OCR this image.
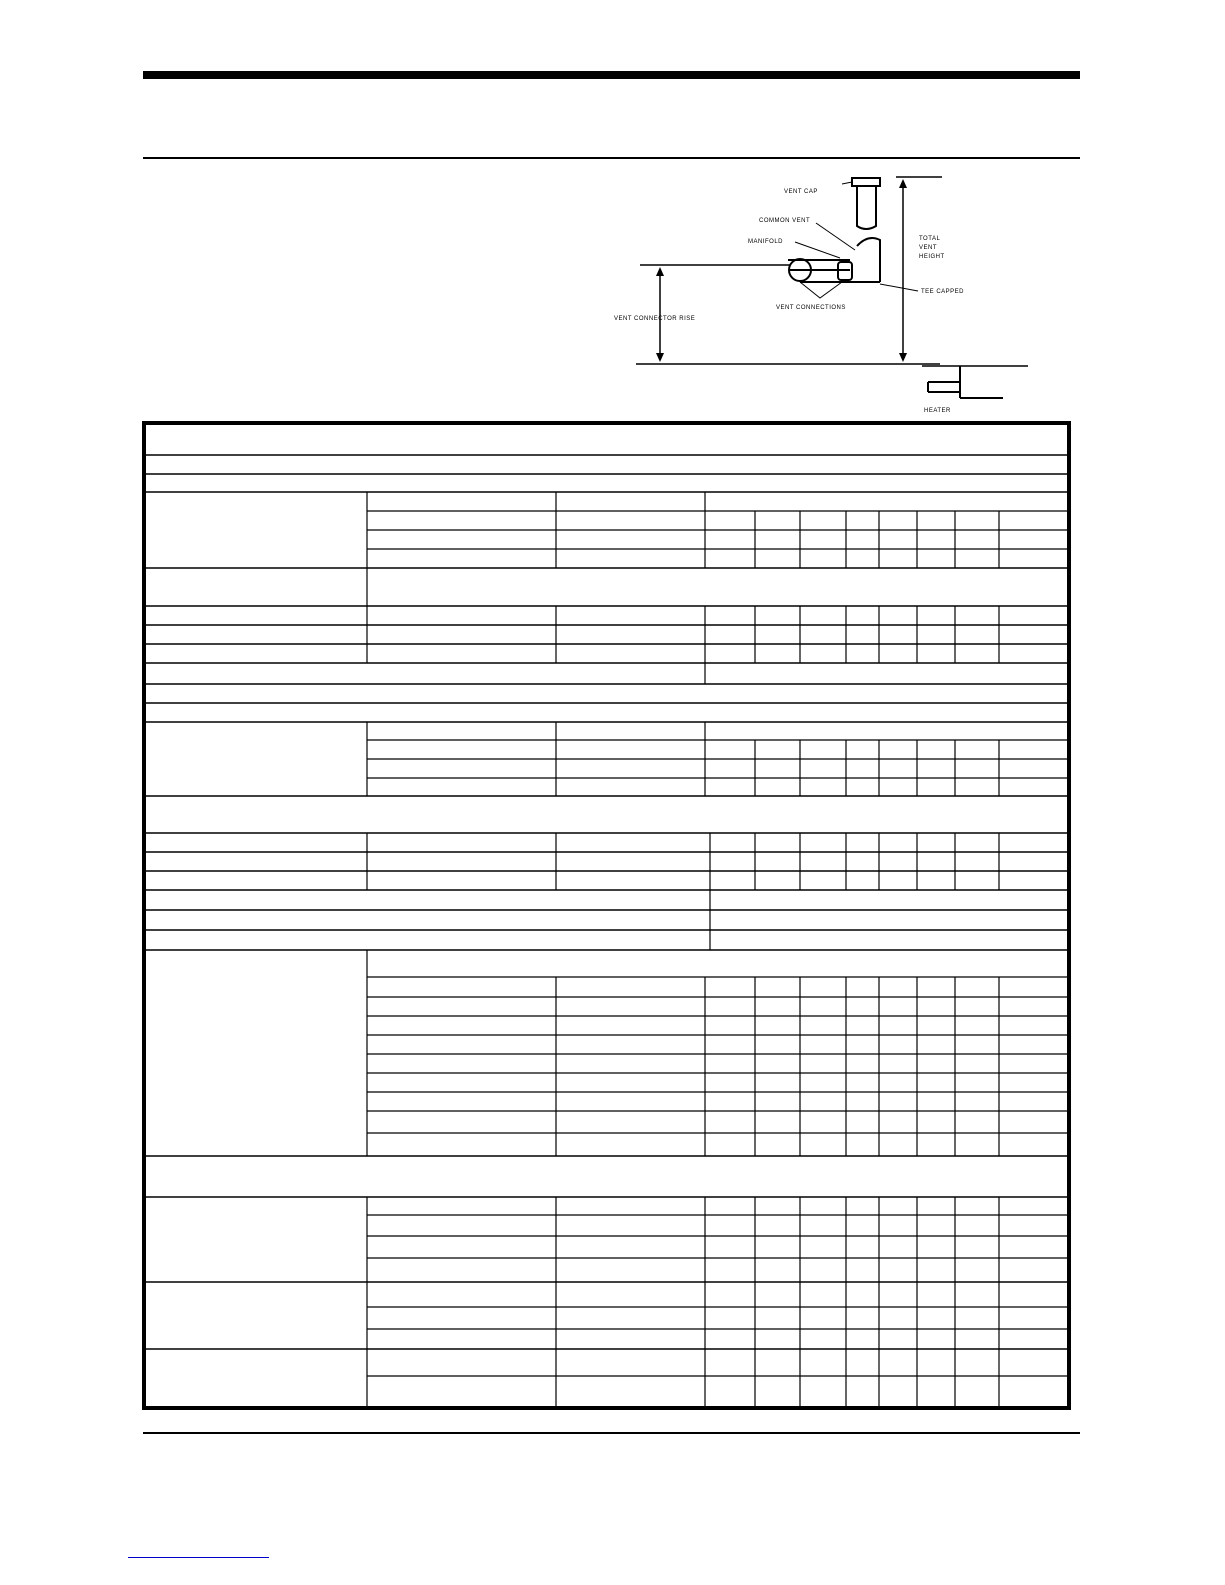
VENT CAP
COMMON VENT
MANIFOLD	TOTAL
VENT
HEIGHT
TEE CAPPED
VENT CONNECTIONS
VENT CONNECTOR RISE
HEATER
